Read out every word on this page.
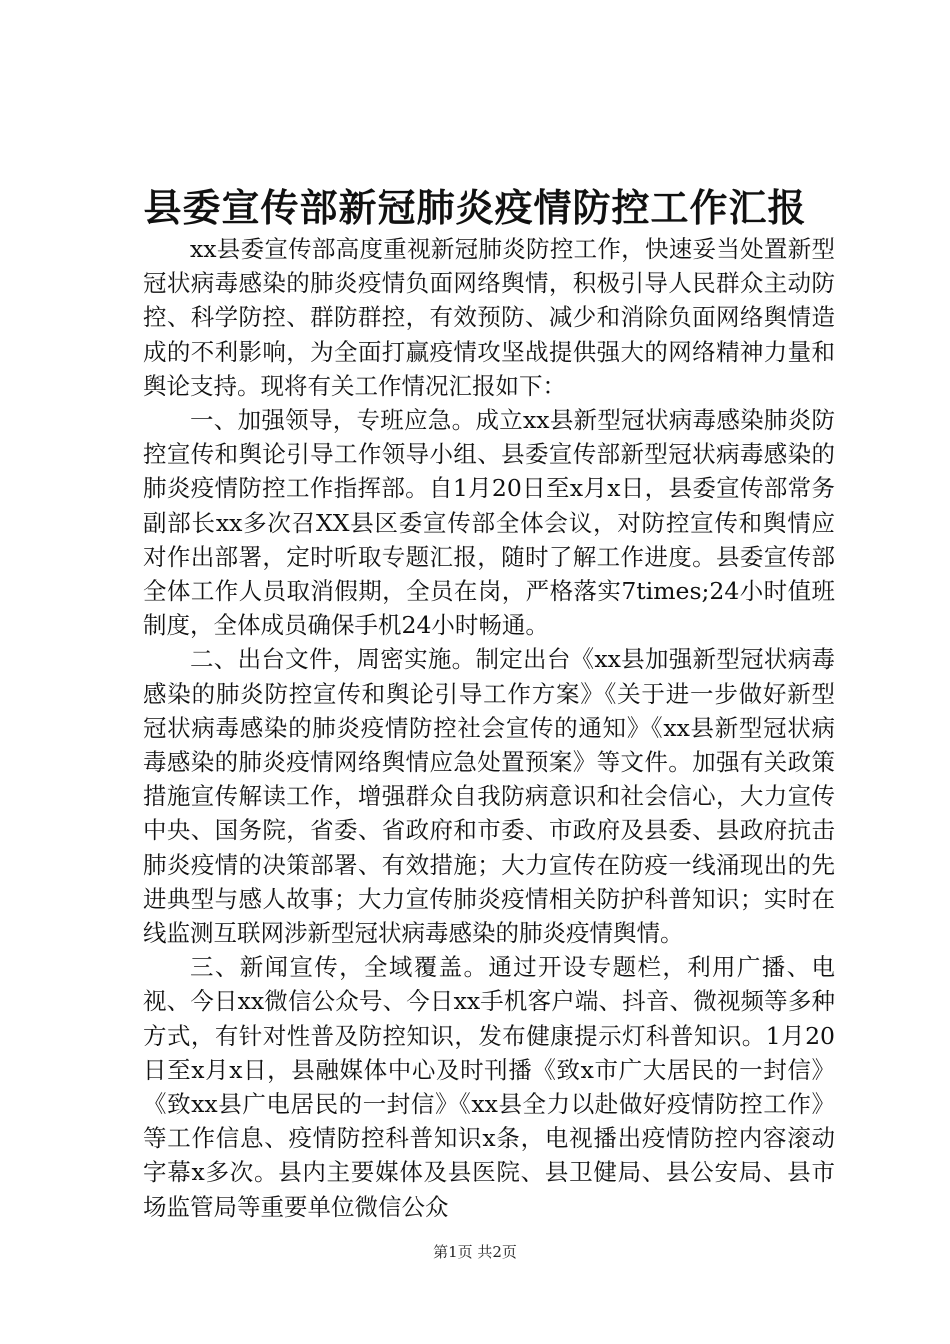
县委宣传部新冠肺炎疫情防控工作汇报

xx县委宣传部高度重视新冠肺炎防控工作，快速妥当处置新型冠状病毒感染的肺炎疫情负面网络舆情，积极引导人民群众主动防控、科学防控、群防群控，有效预防、减少和消除负面网络舆情造成的不利影响，为全面打赢疫情攻坚战提供强大的网络精神力量和舆论支持。现将有关工作情况汇报如下：

一、加强领导，专班应急。成立xx县新型冠状病毒感染肺炎防控宣传和舆论引导工作领导小组、县委宣传部新型冠状病毒感染的肺炎疫情防控工作指挥部。自1月20日至x月x日，县委宣传部常务副部长xx多次召XX县区委宣传部全体会议，对防控宣传和舆情应对作出部署，定时听取专题汇报，随时了解工作进度。县委宣传部全体工作人员取消假期，全员在岗，严格落实7times;24小时值班制度，全体成员确保手机24小时畅通。

二、出台文件，周密实施。制定出台《xx县加强新型冠状病毒感染的肺炎防控宣传和舆论引导工作方案》《关于进一步做好新型冠状病毒感染的肺炎疫情防控社会宣传的通知》《xx县新型冠状病毒感染的肺炎疫情网络舆情应急处置预案》等文件。加强有关政策措施宣传解读工作，增强群众自我防病意识和社会信心，大力宣传中央、国务院，省委、省政府和市委、市政府及县委、县政府抗击肺炎疫情的决策部署、有效措施；大力宣传在防疫一线涌现出的先进典型与感人故事；大力宣传肺炎疫情相关防护科普知识；实时在线监测互联网涉新型冠状病毒感染的肺炎疫情舆情。

三、新闻宣传，全域覆盖。通过开设专题栏，利用广播、电视、今日xx微信公众号、今日xx手机客户端、抖音、微视频等多种方式，有针对性普及防控知识，发布健康提示灯科普知识。1月20日至x月x日，县融媒体中心及时刊播《致x市广大居民的一封信》《致xx县广电居民的一封信》《xx县全力以赴做好疫情防控工作》等工作信息、疫情防控科普知识x条，电视播出疫情防控内容滚动字幕x多次。县内主要媒体及县医院、县卫健局、县公安局、县市场监管局等重要单位微信公众

第1页 共2页
